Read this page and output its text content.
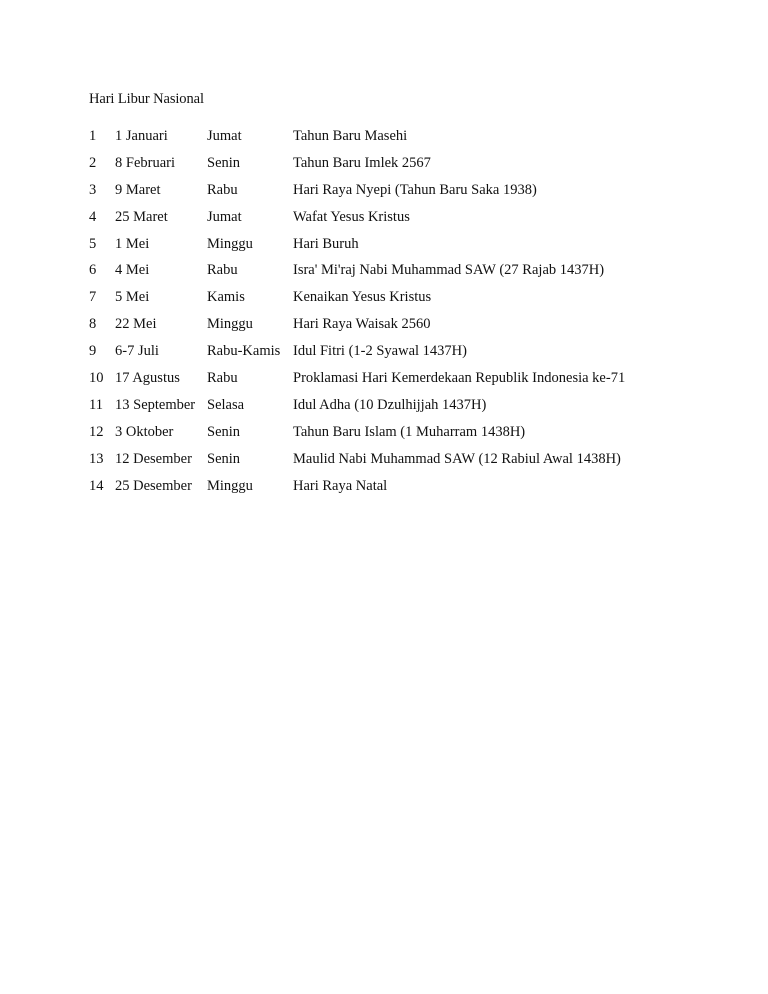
Hari Libur Nasional
1 1 Januari	Jumat	Tahun Baru Masehi
2 8 Februari Senin	Tahun Baru Imlek 2567
3 9 Maret	Rabu	Hari Raya Nyepi (Tahun Baru Saka 1938)
4 25 Maret	Jumat	Wafat Yesus Kristus
5 1 Mei	Minggu	Hari Buruh
6 4 Mei	Rabu	Isra' Mi'raj Nabi Muhammad SAW (27 Rajab 1437H)
7 5 Mei	Kamis	Kenaikan Yesus Kristus
8 22 Mei	Minggu	Hari Raya Waisak 2560
9 6-7 Juli	Rabu-Kamis Idul Fitri (1-2 Syawal 1437H)
10 17 Agustus Rabu	Proklamasi Hari Kemerdekaan Republik Indonesia ke-71
11 13 September Selasa	Idul Adha (10 Dzulhijjah 1437H)
12 3 Oktober Senin	Tahun Baru Islam (1 Muharram 1438H)
13 12 Desember Senin	Maulid Nabi Muhammad SAW (12 Rabiul Awal 1438H)
14 25 Desember Minggu	Hari Raya Natal
